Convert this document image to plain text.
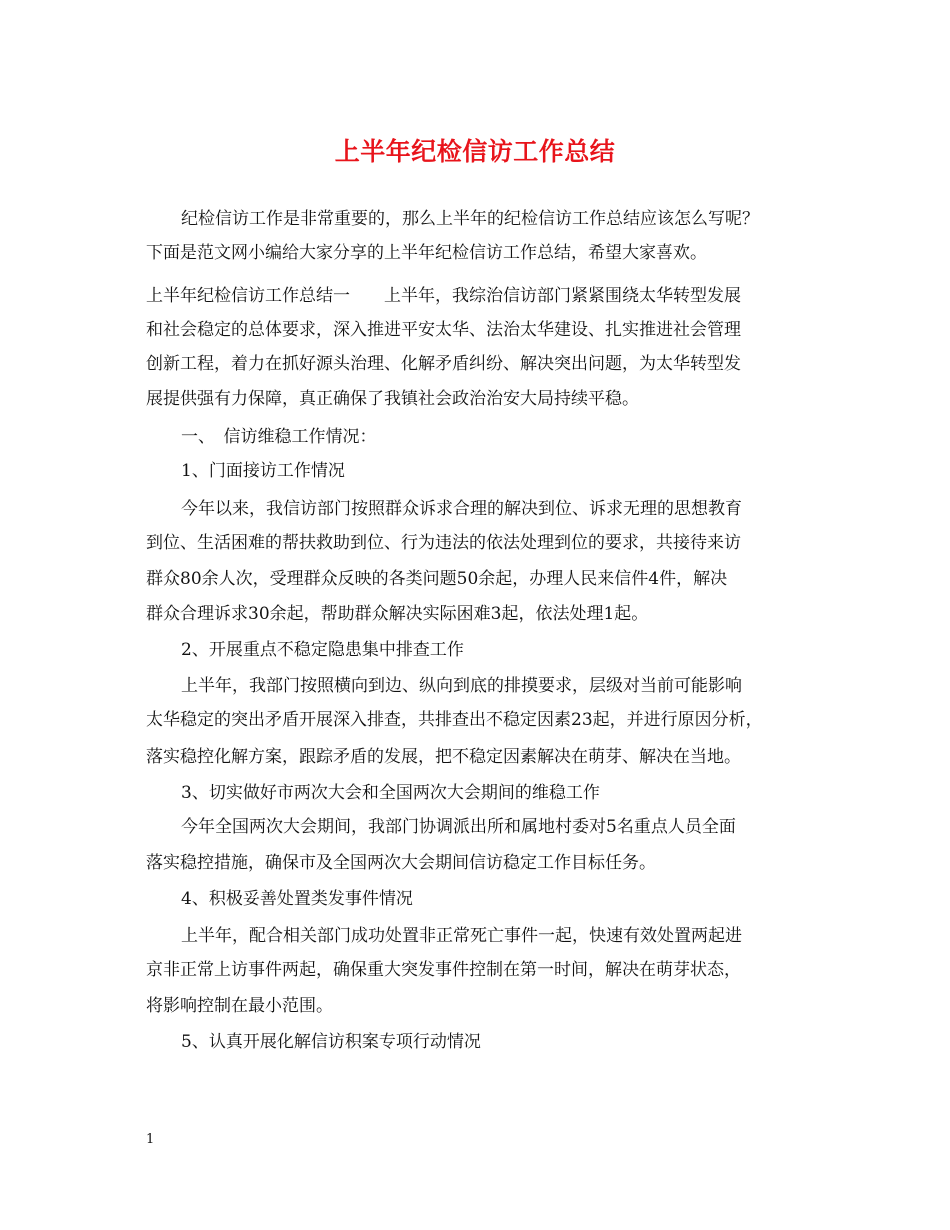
上半年纪检信访工作总结
纪检信访工作是非常重要的，那么上半年的纪检信访工作总结应该怎么写呢？
下面是范文网小编给大家分享的上半年纪检信访工作总结，希望大家喜欢。
上半年纪检信访工作总结一　　上半年，我综治信访部门紧紧围绕太华转型发展
和社会稳定的总体要求，深入推进平安太华、法治太华建设、扎实推进社会管理
创新工程，着力在抓好源头治理、化解矛盾纠纷、解决突出问题，为太华转型发
展提供强有力保障，真正确保了我镇社会政治治安大局持续平稳。
一、　信访维稳工作情况：
1、门面接访工作情况
今年以来，我信访部门按照群众诉求合理的解决到位、诉求无理的思想教育
到位、生活困难的帮扶救助到位、行为违法的依法处理到位的要求，共接待来访
群众80余人次，受理群众反映的各类问题50余起，办理人民来信件4件，解决
群众合理诉求30余起，帮助群众解决实际困难3起，依法处理1起。
2、开展重点不稳定隐患集中排查工作
上半年，我部门按照横向到边、纵向到底的排摸要求，层级对当前可能影响
太华稳定的突出矛盾开展深入排查，共排查出不稳定因素23起，并进行原因分析，
落实稳控化解方案，跟踪矛盾的发展，把不稳定因素解决在萌芽、解决在当地。
3、切实做好市两次大会和全国两次大会期间的维稳工作
今年全国两次大会期间，我部门协调派出所和属地村委对5名重点人员全面
落实稳控措施，确保市及全国两次大会期间信访稳定工作目标任务。
4、积极妥善处置类发事件情况
上半年，配合相关部门成功处置非正常死亡事件一起，快速有效处置两起进
京非正常上访事件两起，确保重大突发事件控制在第一时间，解决在萌芽状态，
将影响控制在最小范围。
5、认真开展化解信访积案专项行动情况
1
